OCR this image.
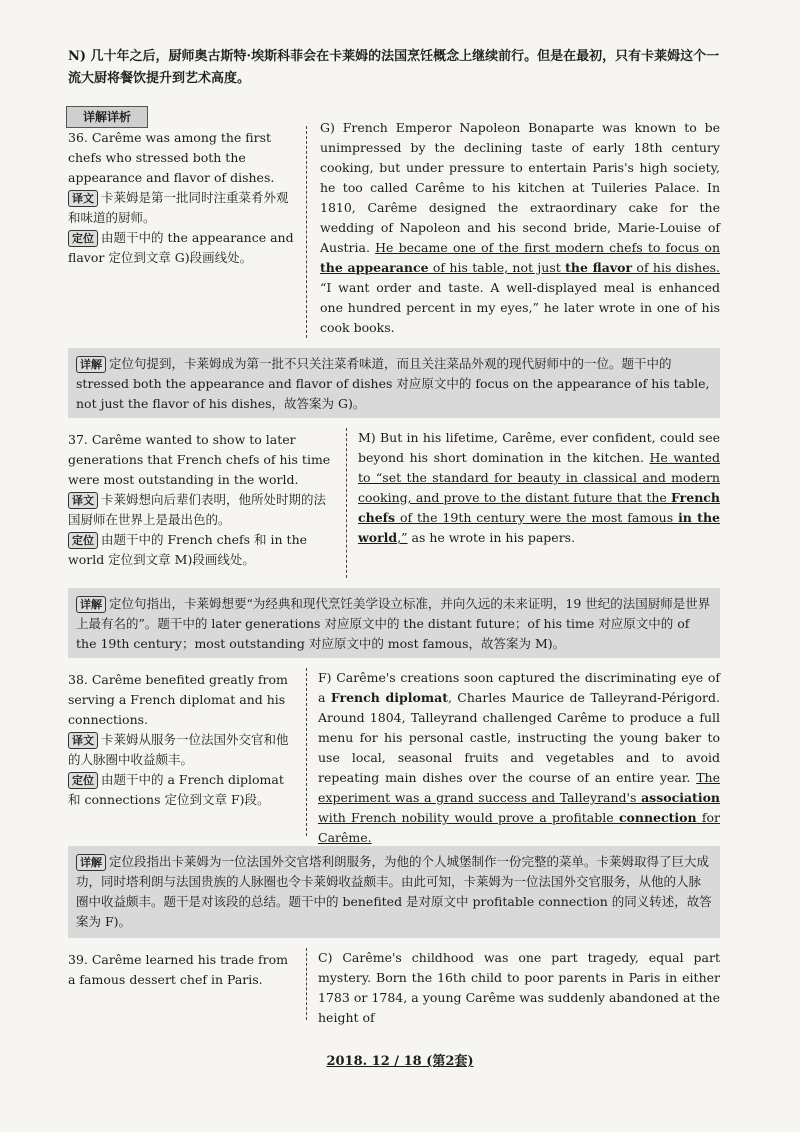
N) 几十年之后，厨师奥古斯特·埃斯科菲会在卡莱姆的法国烹饪概念上继续前行。但是在最初，只有卡莱姆这个一流大厨将餐饮提升到艺术高度。
详解详析
36. Carême was among the first chefs who stressed both the appearance and flavor of dishes.
译文 卡莱姆是第一批同时注重菜肴外观和味道的厨师。
定位 由题干中的 the appearance and flavor 定位到文章 G)段画线处。
G) French Emperor Napoleon Bonaparte was known to be unimpressed by the declining taste of early 18th century cooking, but under pressure to entertain Paris's high society, he too called Carême to his kitchen at Tuileries Palace. In 1810, Carême designed the extraordinary cake for the wedding of Napoleon and his second bride, Marie-Louise of Austria. He became one of the first modern chefs to focus on the appearance of his table, not just the flavor of his dishes. “I want order and taste. A well-displayed meal is enhanced one hundred percent in my eyes,” he later wrote in one of his cook books.
详解 定位句提到，卡莱姆成为第一批不只关注菜肴味道，而且关注菜品外观的现代厨师中的一位。题干中的 stressed both the appearance and flavor of dishes 对应原文中的 focus on the appearance of his table, not just the flavor of his dishes，故答案为 G)。
37. Carême wanted to show to later generations that French chefs of his time were most outstanding in the world.
译文 卡莱姆想向后辈们表明，他所处时期的法国厨师在世界上是最出色的。
定位 由题干中的 French chefs 和 in the world 定位到文章 M)段画线处。
M) But in his lifetime, Carême, ever confident, could see beyond his short domination in the kitchen. He wanted to “set the standard for beauty in classical and modern cooking, and prove to the distant future that the French chefs of the 19th century were the most famous in the world,” as he wrote in his papers.
详解 定位句指出，卡莱姆想要“为经典和现代烹饪美学设立标准，并向久远的未来证明，19 世纪的法国厨师是世界上最有名的”。题干中的 later generations 对应原文中的 the distant future；of his time 对应原文中的 of the 19th century；most outstanding 对应原文中的 most famous，故答案为 M)。
38. Carême benefited greatly from serving a French diplomat and his connections.
译文 卡莱姆从服务一位法国外交官和他的人脉圈中收益颇丰。
定位 由题干中的 a French diplomat 和 connections 定位到文章 F)段。
F) Carême's creations soon captured the discriminating eye of a French diplomat, Charles Maurice de Talleyrand-Périgord. Around 1804, Talleyrand challenged Carême to produce a full menu for his personal castle, instructing the young baker to use local, seasonal fruits and vegetables and to avoid repeating main dishes over the course of an entire year. The experiment was a grand success and Talleyrand's association with French nobility would prove a profitable connection for Carême.
详解 定位段指出卡莱姆为一位法国外交官塔利朗服务，为他的个人城堡制作一份完整的菜单。卡莱姆取得了巨大成功，同时塔利朗与法国贵族的人脉圈也令卡莱姆收益颇丰。由此可知，卡莱姆为一位法国外交官服务，从他的人脉圈中收益颇丰。题干是对该段的总结。题干中的 benefited 是对原文中 profitable connection 的同义转述，故答案为 F)。
39. Carême learned his trade from a famous dessert chef in Paris.
C) Carême's childhood was one part tragedy, equal part mystery. Born the 16th child to poor parents in Paris in either 1783 or 1784, a young Carême was suddenly abandoned at the height of
2018. 12 / 18 (第2套)
